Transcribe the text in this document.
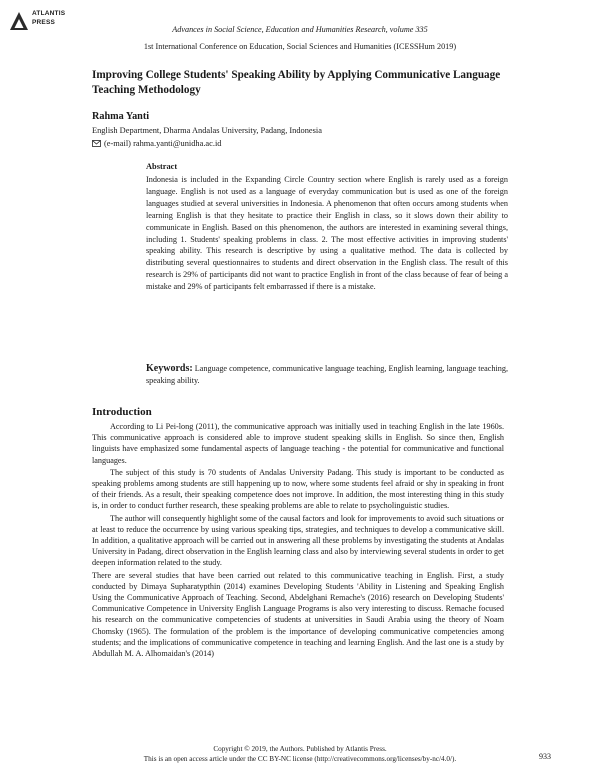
ATLANTIS
PRESS
Advances in Social Science, Education and Humanities Research, volume 335
1st International Conference on Education, Social Sciences and Humanities (ICESSHum 2019)
Improving College Students' Speaking Ability by Applying Communicative Language Teaching Methodology
Rahma Yanti
English Department, Dharma Andalas University, Padang, Indonesia
(e-mail) rahma.yanti@unidha.ac.id
Abstract
Indonesia is included in the Expanding Circle Country section where English is rarely used as a foreign language. English is not used as a language of everyday communication but is used as one of the foreign languages studied at several universities in Indonesia. A phenomenon that often occurs among students when learning English is that they hesitate to practice their English in class, so it slows down their ability to communicate in English. Based on this phenomenon, the authors are interested in examining several things, including 1. Students' speaking problems in class. 2. The most effective activities in improving students' speaking ability. This research is descriptive by using a qualitative method. The data is collected by distributing several questionnaires to students and direct observation in the English class. The result of this research is 29% of participants did not want to practice English in front of the class because of fear of being a mistake and 29% of participants felt embarrassed if there is a mistake.
Keywords: Language competence, communicative language teaching, English learning, language teaching, speaking ability.
Introduction

According to Li Pei-long (2011), the communicative approach was initially used in teaching English in the late 1960s. This communicative approach is considered able to improve student speaking skills in English. So since then, English linguists have emphasized some fundamental aspects of language teaching - the potential for communicative and functional languages.

The subject of this study is 70 students of Andalas University Padang. This study is important to be conducted as speaking problems among students are still happening up to now, where some students feel afraid or shy in speaking in front of their friends. As a result, their speaking competence does not improve. In addition, the most interesting thing in this study is, in order to conduct further research, these speaking problems are able to relate to psycholinguistic studies.

The author will consequently highlight some of the causal factors and look for improvements to avoid such situations or at least to reduce the occurrence by using various speaking tips, strategies, and techniques to develop a communicative skill. In addition, a qualitative approach will be carried out in answering all these problems by investigating the students at Andalas University in Padang, direct observation in the English learning class and also by interviewing several students in order to get deepen information related to the study.

There are several studies that have been carried out related to this communicative teaching in English. First, a study conducted by Dimaya Supharatypthin (2014) examines Developing Students 'Ability in Listening and Speaking English Using the Communicative Approach of Teaching. Second, Abdelghani Remache's (2016) research on Developing Students' Communicative Competence in University English Language Programs is also very interesting to discuss. Remache focused his research on the communicative competencies of students at universities in Saudi Arabia using the theory of Noam Chomsky (1965). The formulation of the problem is the importance of developing communicative competencies among students; and the implications of communicative competence in teaching and learning English. And the last one is a study by Abdullah M. A. Alhomaidan's (2014)

Copyright © 2019, the Authors. Published by Atlantis Press.
This is an open access article under the CC BY-NC license (http://creativecommons.org/licenses/by-nc/4.0/).	933
